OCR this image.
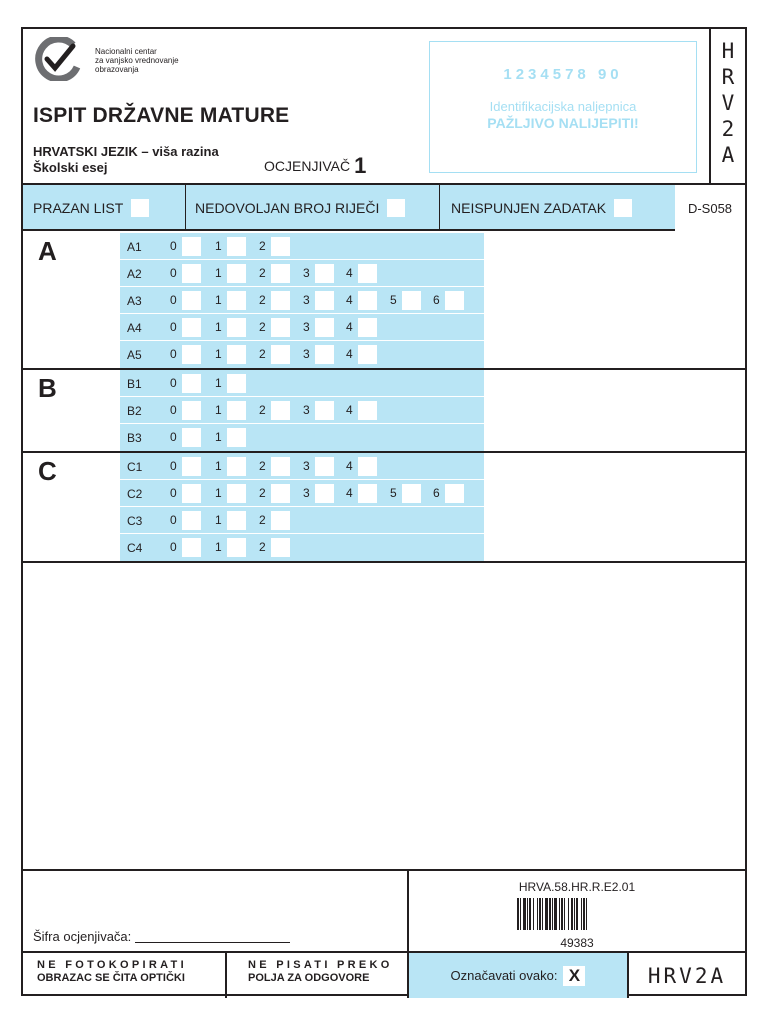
Nacionalni centar
za vanjsko vrednovanje
obrazovanja
ISPIT DRŽAVNE MATURE
HRVATSKI JEZIK – viša razina
Školski esej	OCJENJIVAČ 1
1234578 90
Identifikacijska naljepnica
PAŽLJIVO NALIJEPITI!
H
R
V
2
A
PRAZAN LIST	NEDOVOLJAN BROJ RIJEČI	NEISPUNJEN ZADATAK	D-S058
A	A1 0	1	2
A2 0	1	2	3	4
A3 0	1	2	3	4	5	6
A4 0	1	2	3	4
A5 0	1	2	3	4
B	B1 0	1
B2 0	1	2	3	4
B3 0	1
C	C1 0	1	2	3	4
C2 0	1	2	3	4	5	6
C3 0	1	2
C4 0	1	2
Šifra ocjenjivača:
HRVA.58.HR.R.E2.01
49383
NE FOTOKOPIRATI
OBRAZAC SE ČITA OPTIČKI
NE PISATI PREKO
POLJA ZA ODGOVORE	Označavati ovako: X	HRV2A
